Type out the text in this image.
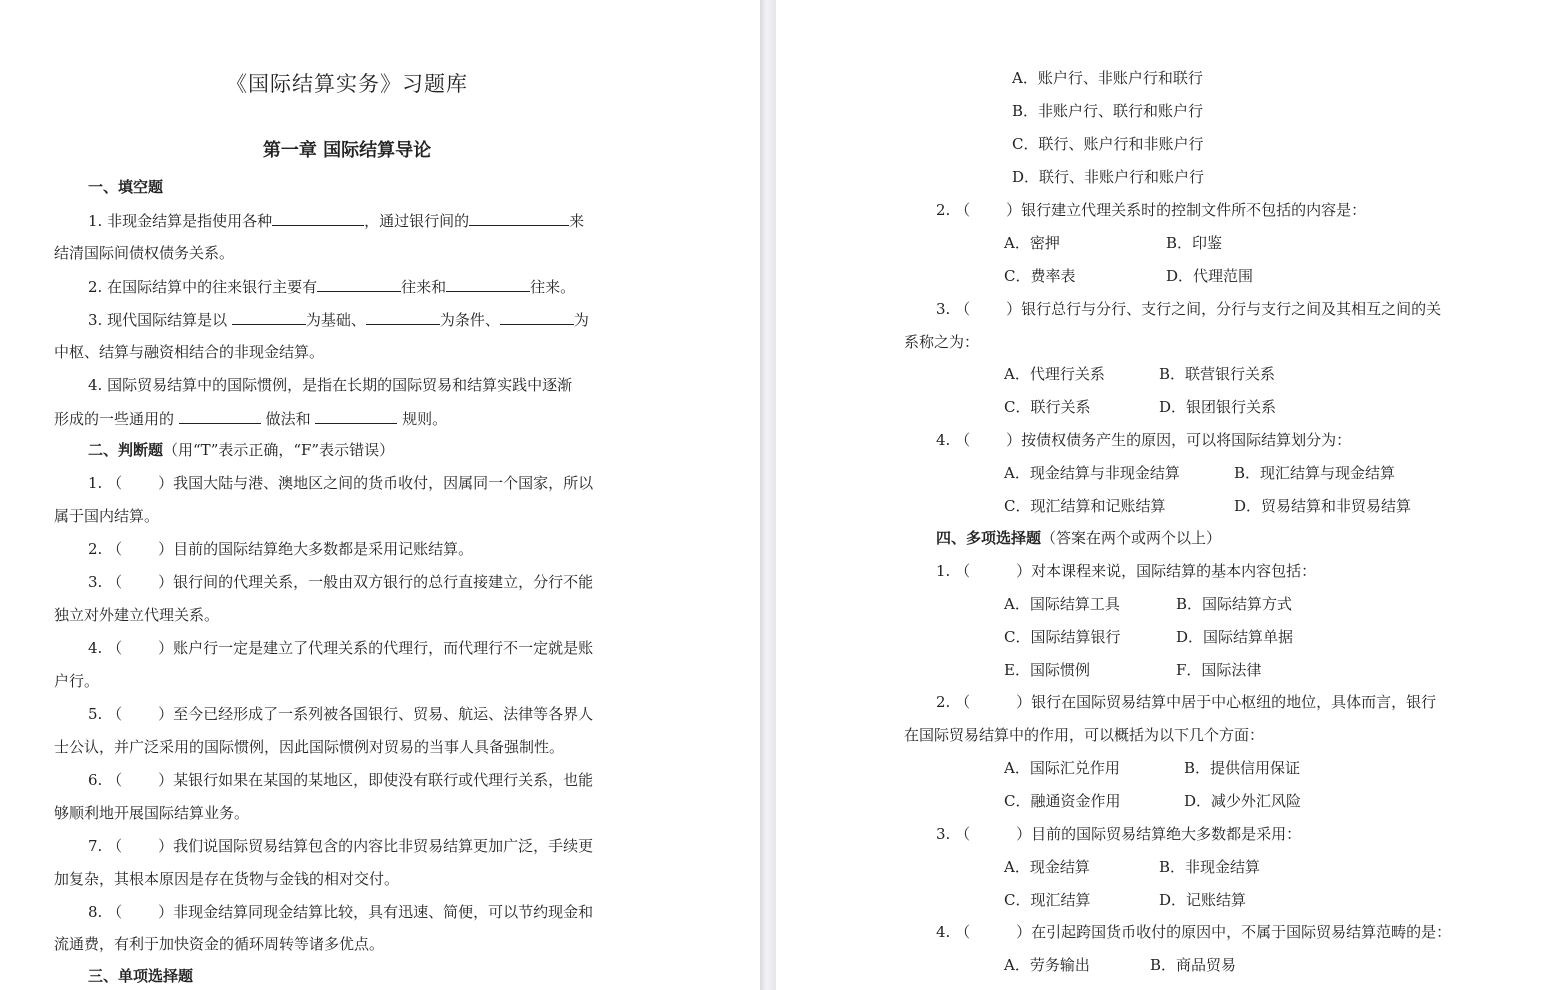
《国际结算实务》习题库
第一章 国际结算导论
一、填空题
1. 非现金结算是指使用各种	，通过银行间的	来
结清国际间债权债务关系。
2. 在国际结算中的往来银行主要有	往来和	往来。
3. 现代国际结算是以	为基础、	为条件、	为
中枢、结算与融资相结合的非现金结算。
4. 国际贸易结算中的国际惯例，是指在长期的国际贸易和结算实践中逐渐
形成的一些通用的	做法和	规则。
二、判断题（用“T”表示正确，“F”表示错误）
1. （ ）我国大陆与港、澳地区之间的货币收付，因属同一个国家，所以
属于国内结算。
2. （ ）目前的国际结算绝大多数都是采用记账结算。
3. （ ）银行间的代理关系，一般由双方银行的总行直接建立，分行不能
独立对外建立代理关系。
4. （ ）账户行一定是建立了代理关系的代理行，而代理行不一定就是账
户行。
5. （ ）至今已经形成了一系列被各国银行、贸易、航运、法律等各界人
士公认，并广泛采用的国际惯例，因此国际惯例对贸易的当事人具备强制性。
6. （ ）某银行如果在某国的某地区，即使没有联行或代理行关系，也能
够顺利地开展国际结算业务。
7. （ ）我们说国际贸易结算包含的内容比非贸易结算更加广泛，手续更
加复杂，其根本原因是存在货物与金钱的相对交付。
8. （ ）非现金结算同现金结算比较，具有迅速、简便，可以节约现金和
流通费，有利于加快资金的循环周转等诸多优点。
三、单项选择题
A．账户行、非账户行和联行
B．非账户行、联行和账户行
C．联行、账户行和非账户行
D．联行、非账户行和账户行
2. （ ）银行建立代理关系时的控制文件所不包括的内容是：
A．密押	B．印鉴
C．费率表	D．代理范围
3. （ ）银行总行与分行、支行之间，分行与支行之间及其相互之间的关
系称之为：
A．代理行关系	B．联营银行关系
C．联行关系	D．银团银行关系
4. （ ）按债权债务产生的原因，可以将国际结算划分为：
A．现金结算与非现金结算	B．现汇结算与现金结算
C．现汇结算和记账结算	D．贸易结算和非贸易结算
四、多项选择题（答案在两个或两个以上）
1. （	）对本课程来说，国际结算的基本内容包括：
A．国际结算工具	B．国际结算方式
C．国际结算银行	D．国际结算单据
E．国际惯例	F．国际法律
2. （	）银行在国际贸易结算中居于中心枢纽的地位，具体而言，银行
在国际贸易结算中的作用，可以概括为以下几个方面：
A．国际汇兑作用	B．提供信用保证
C．融通资金作用	D．减少外汇风险
3. （	）目前的国际贸易结算绝大多数都是采用：
A．现金结算	B．非现金结算
C．现汇结算	D．记账结算
4. （	）在引起跨国货币收付的原因中，不属于国际贸易结算范畴的是：
A．劳务输出	B．商品贸易
